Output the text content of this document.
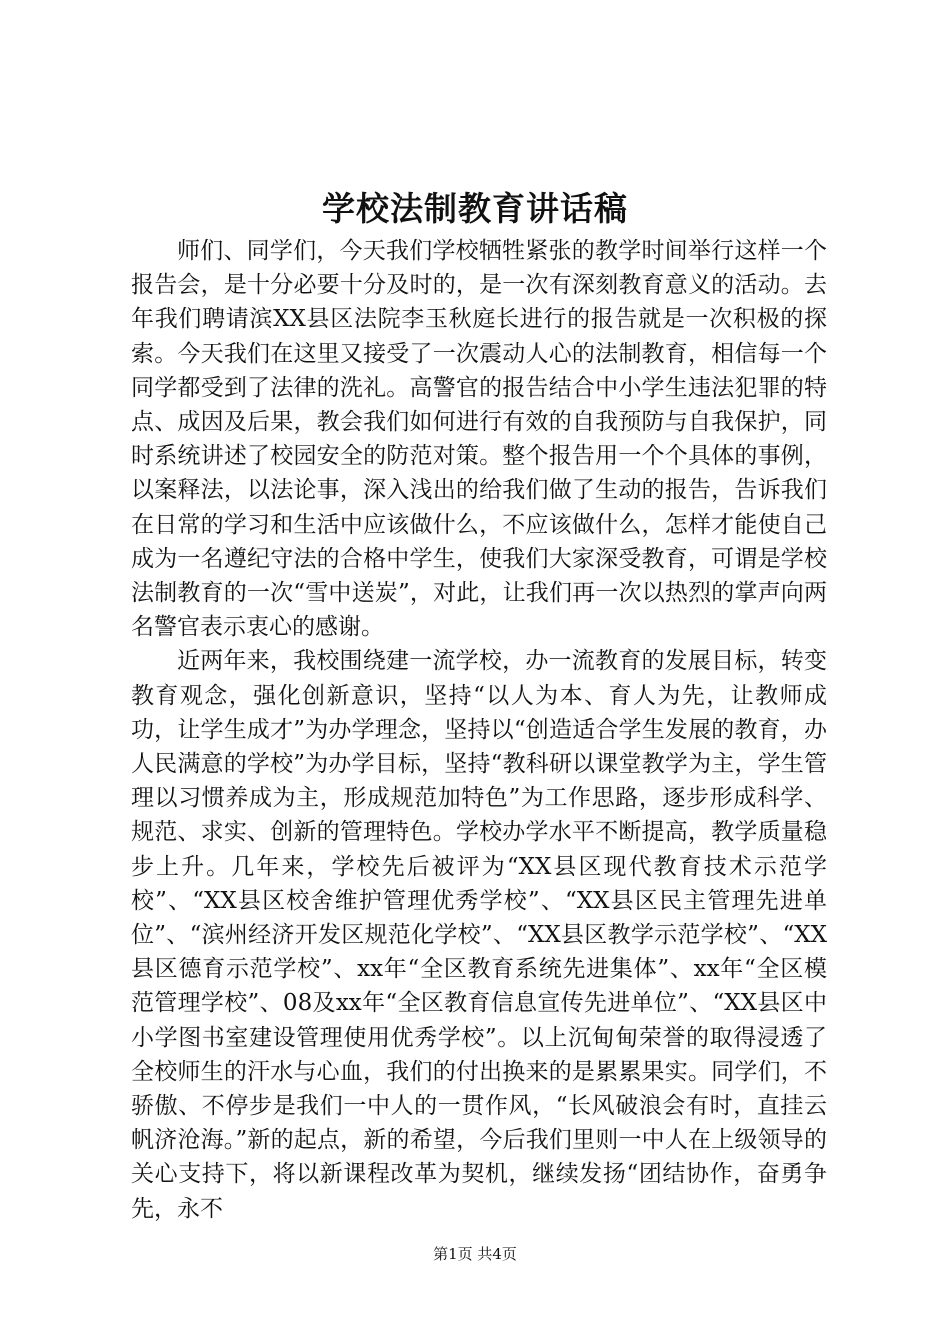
学校法制教育讲话稿

师们、同学们，今天我们学校牺牲紧张的教学时间举行这样一个报告会，是十分必要十分及时的，是一次有深刻教育意义的活动。去年我们聘请滨XX县区法院李玉秋庭长进行的报告就是一次积极的探索。今天我们在这里又接受了一次震动人心的法制教育，相信每一个同学都受到了法律的洗礼。高警官的报告结合中小学生违法犯罪的特点、成因及后果，教会我们如何进行有效的自我预防与自我保护，同时系统讲述了校园安全的防范对策。整个报告用一个个具体的事例，以案释法，以法论事，深入浅出的给我们做了生动的报告，告诉我们在日常的学习和生活中应该做什么，不应该做什么，怎样才能使自己成为一名遵纪守法的合格中学生，使我们大家深受教育，可谓是学校法制教育的一次“雪中送炭”，对此，让我们再一次以热烈的掌声向两名警官表示衷心的感谢。

近两年来，我校围绕建一流学校，办一流教育的发展目标，转变教育观念，强化创新意识，坚持“以人为本、育人为先，让教师成功，让学生成才”为办学理念，坚持以“创造适合学生发展的教育，办人民满意的学校”为办学目标，坚持“教科研以课堂教学为主，学生管理以习惯养成为主，形成规范加特色”为工作思路，逐步形成科学、规范、求实、创新的管理特色。学校办学水平不断提高，教学质量稳步上升。几年来，学校先后被评为“XX县区现代教育技术示范学校”、“XX县区校舍维护管理优秀学校”、“XX县区民主管理先进单位”、“滨州经济开发区规范化学校”、“XX县区教学示范学校”、“XX县区德育示范学校”、xx年“全区教育系统先进集体”、xx年“全区模范管理学校”、08及xx年“全区教育信息宣传先进单位”、“XX县区中小学图书室建设管理使用优秀学校”。以上沉甸甸荣誉的取得浸透了全校师生的汗水与心血，我们的付出换来的是累累果实。同学们，不骄傲、不停步是我们一中人的一贯作风，“长风破浪会有时，直挂云帆济沧海。”新的起点，新的希望，今后我们里则一中人在上级领导的关心支持下，将以新课程改革为契机，继续发扬“团结协作，奋勇争先，永不

第1页 共4页
